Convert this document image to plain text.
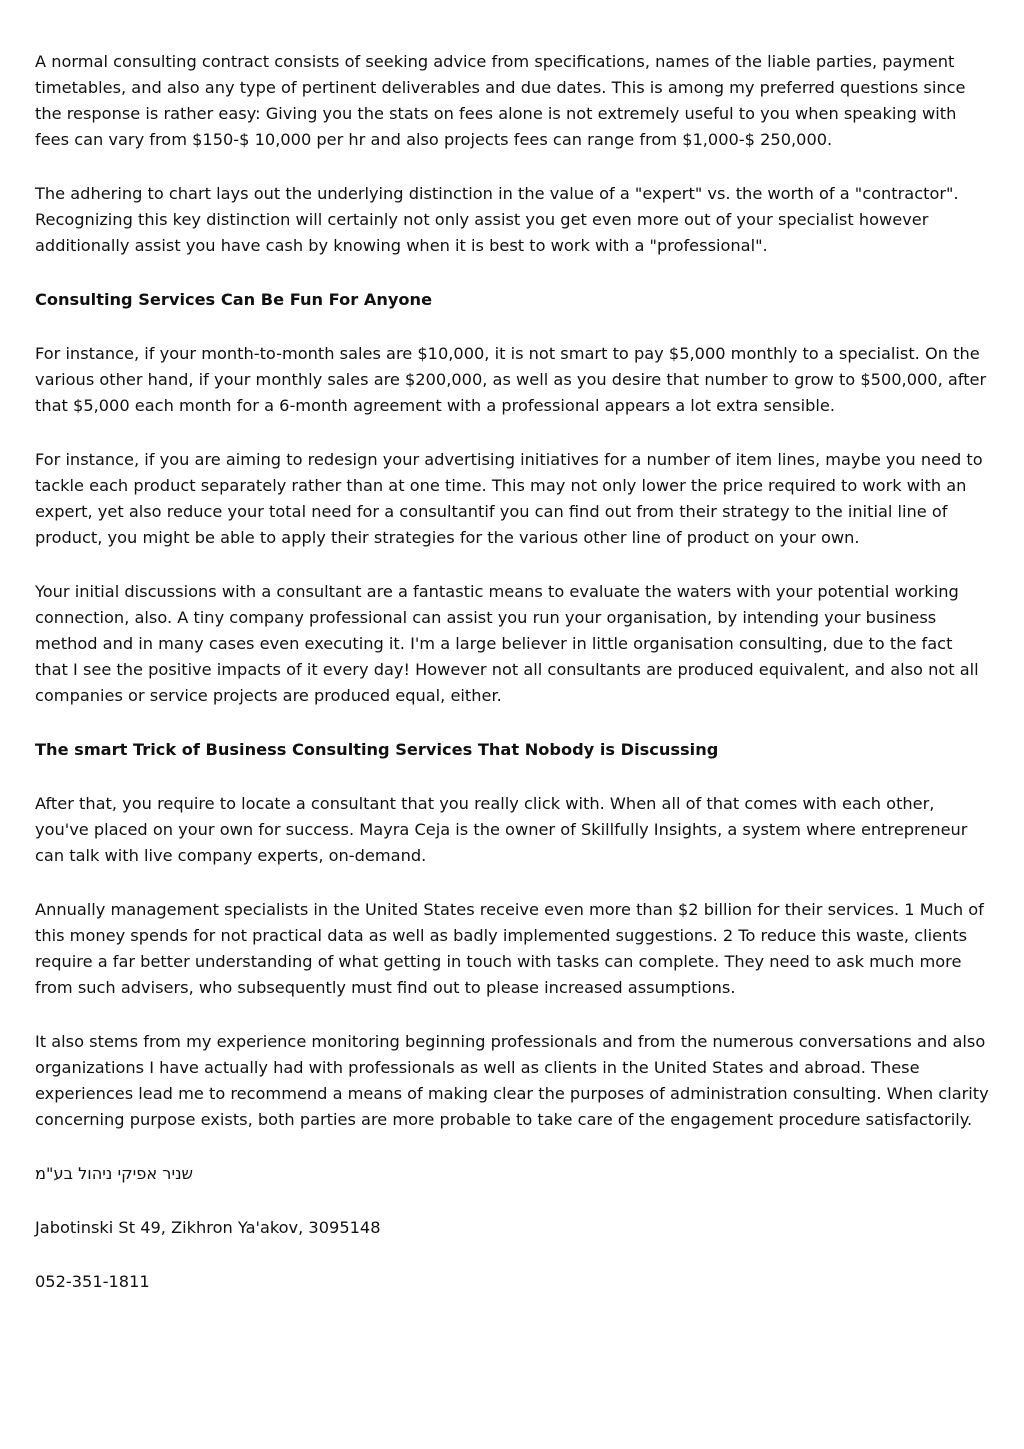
A normal consulting contract consists of seeking advice from specifications, names of the liable parties, payment timetables, and also any type of pertinent deliverables and due dates. This is among my preferred questions since the response is rather easy: Giving you the stats on fees alone is not extremely useful to you when speaking with fees can vary from $150-$ 10,000 per hr and also projects fees can range from $1,000-$ 250,000.

The adhering to chart lays out the underlying distinction in the value of a "expert" vs. the worth of a "contractor". Recognizing this key distinction will certainly not only assist you get even more out of your specialist however additionally assist you have cash by knowing when it is best to work with a "professional".

Consulting Services Can Be Fun For Anyone

For instance, if your month-to-month sales are $10,000, it is not smart to pay $5,000 monthly to a specialist. On the various other hand, if your monthly sales are $200,000, as well as you desire that number to grow to $500,000, after that $5,000 each month for a 6-month agreement with a professional appears a lot extra sensible.

For instance, if you are aiming to redesign your advertising initiatives for a number of item lines, maybe you need to tackle each product separately rather than at one time. This may not only lower the price required to work with an expert, yet also reduce your total need for a consultantif you can find out from their strategy to the initial line of product, you might be able to apply their strategies for the various other line of product on your own.

Your initial discussions with a consultant are a fantastic means to evaluate the waters with your potential working connection, also. A tiny company professional can assist you run your organisation, by intending your business method and in many cases even executing it. I'm a large believer in little organisation consulting, due to the fact that I see the positive impacts of it every day! However not all consultants are produced equivalent, and also not all companies or service projects are produced equal, either.

The smart Trick of Business Consulting Services That Nobody is Discussing

After that, you require to locate a consultant that you really click with. When all of that comes with each other, you've placed on your own for success. Mayra Ceja is the owner of Skillfully Insights, a system where entrepreneur can talk with live company experts, on-demand.

Annually management specialists in the United States receive even more than $2 billion for their services. 1 Much of this money spends for not practical data as well as badly implemented suggestions. 2 To reduce this waste, clients require a far better understanding of what getting in touch with tasks can complete. They need to ask much more from such advisers, who subsequently must find out to please increased assumptions.

It also stems from my experience monitoring beginning professionals and from the numerous conversations and also organizations I have actually had with professionals as well as clients in the United States and abroad. These experiences lead me to recommend a means of making clear the purposes of administration consulting. When clarity concerning purpose exists, both parties are more probable to take care of the engagement procedure satisfactorily.

שניר אפיקי ניהול בע"מ

Jabotinski St 49, Zikhron Ya'akov, 3095148

052-351-1811
